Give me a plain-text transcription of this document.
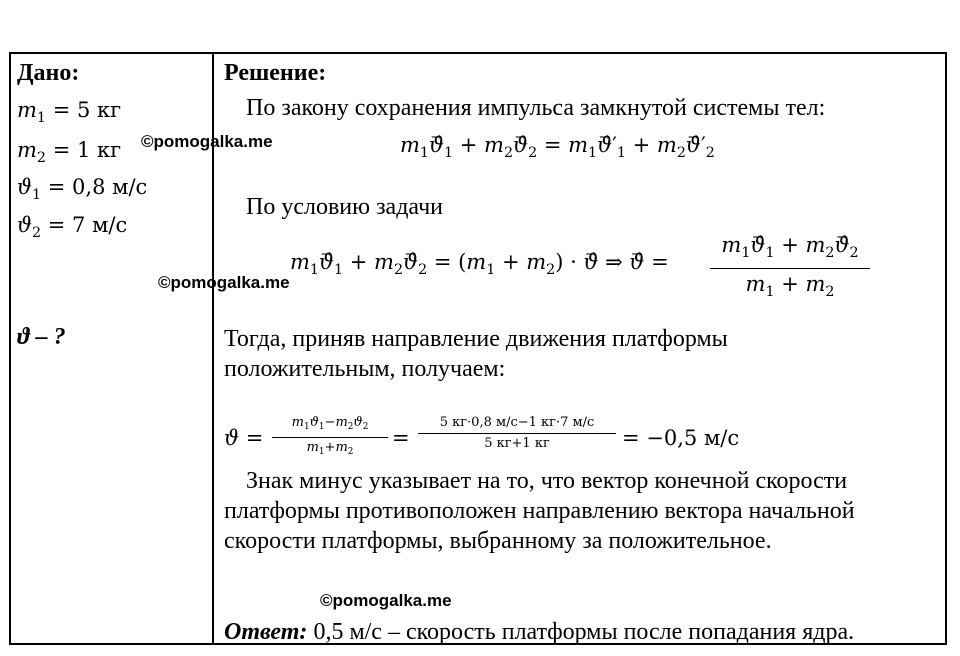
Дано:
$m_1 = 5$ кг
$m_2 = 1$ кг
$ϑ_1 = 0,8$ м/с
$ϑ_2 = 7$ м/с
ϑ – ?
Решение:
По закону сохранения импульса замкнутой системы тел:
$m_1\to ϑ_1 + m_2\to ϑ_2 = m_1\to ϑ'_1 + m_2\to ϑ'_2$
По условию задачи
$m_1\to ϑ_1 + m_2\to ϑ_2 = (m_1 + m_2)$ · → ϑ ⇒ → ϑ =
$m_1\to ϑ_1 + m_2\to ϑ_2$
$m_1 + m_2$
Тогда, приняв направление движения платформы
положительным, получаем:
ϑ =
$m_1ϑ_1-m_2ϑ_2$
$m_1+m_2$
=
5 кг·0,8 м/с−1 кг·7 м/с
5 кг+1 кг	= −0,5 м/с
Знак минус указывает на то, что вектор конечной скорости
платформы противоположен направлению вектора начальной
скорости платформы, выбранному за положительное.
Ответ: 0,5 м/с – скорость платформы после попадания ядра.
©pomogalka.me
©pomogalka.me
©pomogalka.me
